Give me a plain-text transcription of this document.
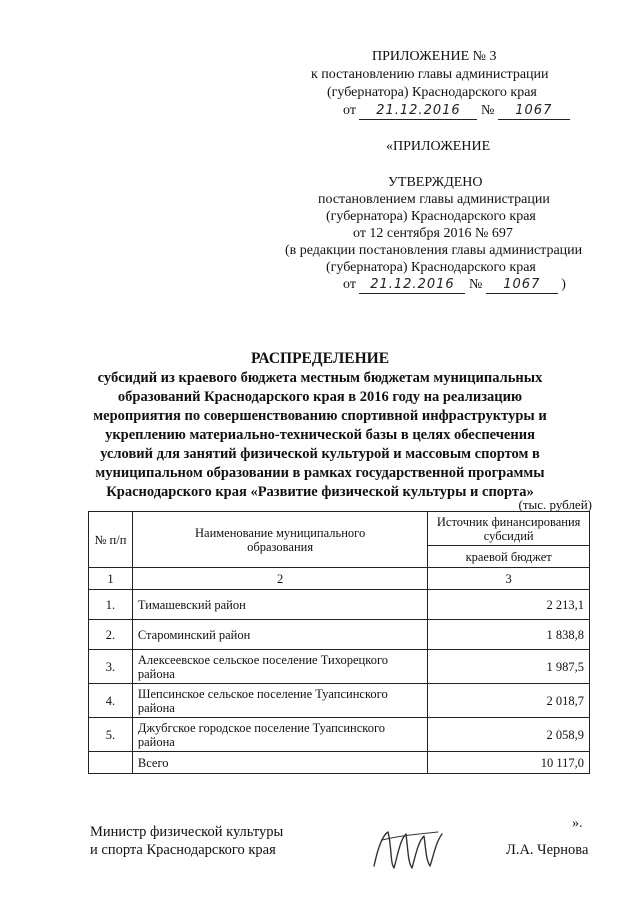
ПРИЛОЖЕНИЕ № 3
к постановлению главы администрации
(губернатора) Краснодарского края
от 21.12.2016 № 1067
«ПРИЛОЖЕНИЕ
УТВЕРЖДЕНО
постановлением главы администрации
(губернатора) Краснодарского края
от 12 сентября 2016 № 697
(в редакции постановления главы администрации
(губернатора) Краснодарского края
от 21.12.2016 № 1067 )
РАСПРЕДЕЛЕНИЕ
субсидий из краевого бюджета местным бюджетам муниципальных
образований Краснодарского края в 2016 году на реализацию
мероприятия по совершенствованию спортивной инфраструктуры и
укреплению материально-технической базы в целях обеспечения
условий для занятий физической культурой и массовым спортом в
муниципальном образовании в рамках государственной программы
Краснодарского края «Развитие физической культуры и спорта»
(тыс. рублей)
№ п/п	Наименование муниципального образования	Источник финансирования субсидий
		краевой бюджет
1	2	3
1.	Тимашевский район	2 213,1
2.	Староминский район	1 838,8
3.	Алексеевское сельское поселение Тихорецкого района	1 987,5
4.	Шепсинское сельское поселение Туапсинского района	2 018,7
5.	Джубгское городское поселение Туапсинского района	2 058,9
	Всего	10 117,0
».
Министр физической культуры
и спорта Краснодарского края	Л.А. Чернова
